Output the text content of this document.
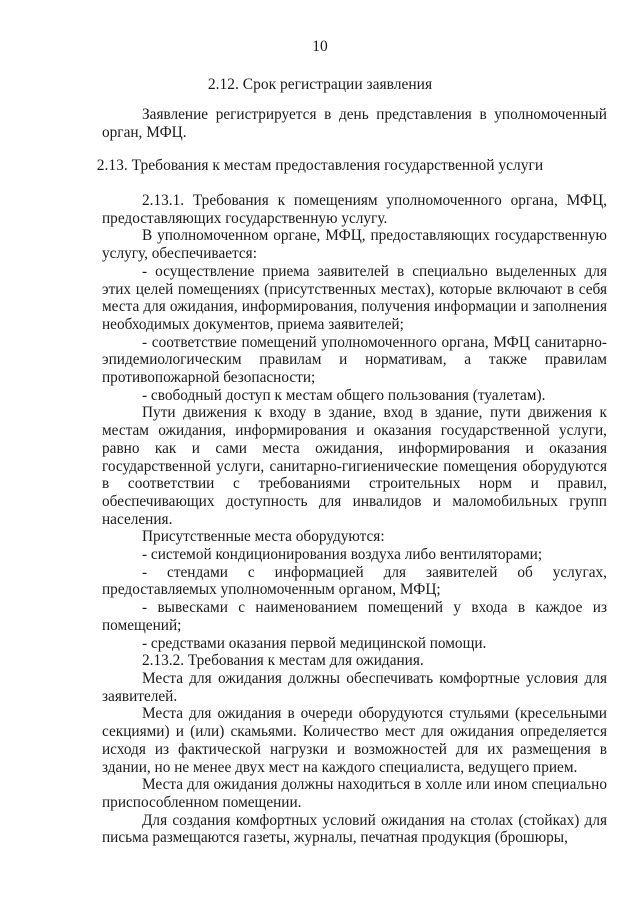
10
2.12. Срок регистрации заявления

Заявление регистрируется в день представления в уполномоченный орган, МФЦ.

2.13. Требования к местам предоставления государственной услуги

2.13.1. Требования к помещениям уполномоченного органа, МФЦ, предоставляющих государственную услугу.

В уполномоченном органе, МФЦ, предоставляющих государственную услугу, обеспечивается:

- осуществление приема заявителей в специально выделенных для этих целей помещениях (присутственных местах), которые включают в себя места для ожидания, информирования, получения информации и заполнения необходимых документов, приема заявителей;

- соответствие помещений уполномоченного органа, МФЦ санитарно-эпидемиологическим правилам и нормативам, а также правилам противопожарной безопасности;

- свободный доступ к местам общего пользования (туалетам).

Пути движения к входу в здание, вход в здание, пути движения к местам ожидания, информирования и оказания государственной услуги, равно как и сами места ожидания, информирования и оказания государственной услуги, санитарно-гигиенические помещения оборудуются в соответствии с требованиями строительных норм и правил, обеспечивающих доступность для инвалидов и маломобильных групп населения.

Присутственные места оборудуются:

- системой кондиционирования воздуха либо вентиляторами;

- стендами с информацией для заявителей об услугах, предоставляемых уполномоченным органом, МФЦ;

- вывесками с наименованием помещений у входа в каждое из помещений;

- средствами оказания первой медицинской помощи.

2.13.2. Требования к местам для ожидания.

Места для ожидания должны обеспечивать комфортные условия для заявителей.

Места для ожидания в очереди оборудуются стульями (кресельными секциями) и (или) скамьями. Количество мест для ожидания определяется исходя из фактической нагрузки и возможностей для их размещения в здании, но не менее двух мест на каждого специалиста, ведущего прием.

Места для ожидания должны находиться в холле или ином специально приспособленном помещении.

Для создания комфортных условий ожидания на столах (стойках) для письма размещаются газеты, журналы, печатная продукция (брошюры,
